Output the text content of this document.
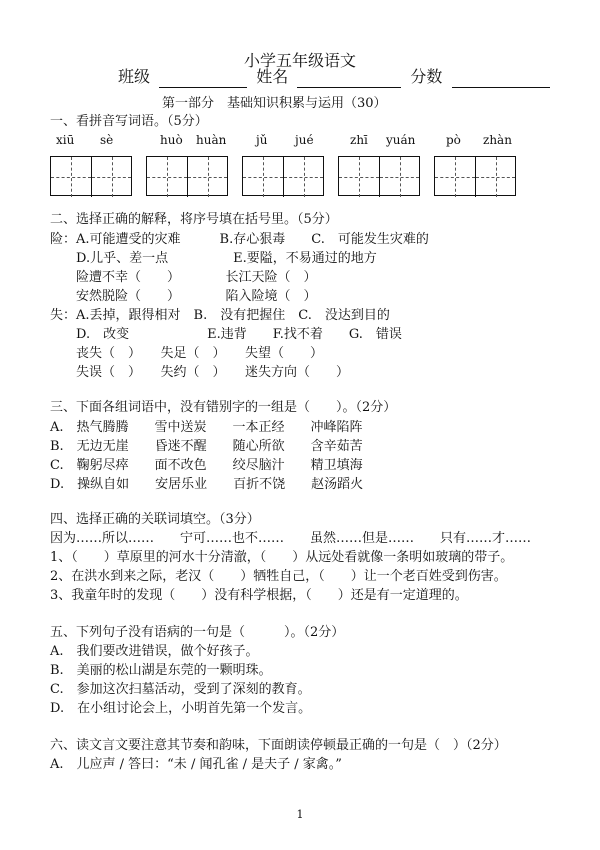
小学五年级语文
班级	姓名	分数
第一部分　基础知识积累与运用（30）
一、看拼音写词语。（5分）
xiū sè	huò huàn jǔ jué	zhī yuán	pò zhàn
二、选择正确的解释，将序号填在括号里。（5分）
险：A.可能遭受的灾难　　　B.存心狠毒　　C.　可能发生灾难的
D.儿乎、差一点　　　　　E.要隘，不易通过的地方
险遭不幸（　　）　　　　长江天险（　）
安然脱险（　　）　　　　陷入险境（　）
失：A.丢掉，跟得相对　B.　没有把握住　C.　没达到目的
D.　改变　　　　　　E.违背　　F.找不着　　G.　错误
丧失（　）　　失足（　）　　失望（　　）
失误（　）　　失约（　）　　迷失方向（　　）
三、下面各组词语中，没有错别字的一组是（　　）。（2分）
A.　热气腾腾　　雪中送炭　　一本正经　　冲峰陷阵
B.　无边无崖　　昏迷不醒　　随心所欲　　含辛茹苦
C.　鞠躬尽瘁　　面不改色　　绞尽脑汁　　精卫填海
D.　操纵自如　　安居乐业　　百折不饶　　赵汤蹈火
四、选择正确的关联词填空。（3分）
因为……所以……　　宁可……也不……　　虽然……但是……　　只有……才……
1、（　　）草原里的河水十分清澈，（　　）从远处看就像一条明如玻璃的带子。
2、在洪水到来之际，老汉（　　）牺牲自己，（　　）让一个老百姓受到伤害。
3、我童年时的发现（　　）没有科学根据，（　　）还是有一定道理的。
五、下列句子没有语病的一句是（　　　）。（2分）
A.　我们要改进错误，做个好孩子。
B.　美丽的松山湖是东莞的一颗明珠。
C.　参加这次扫墓活动，受到了深刻的教育。
D.　在小组讨论会上，小明首先第一个发言。
六、读文言文要注意其节奏和韵味，下面朗读停顿最正确的一句是（　）（2分）
A.　儿应声 / 答曰：“未 / 闻孔雀 / 是夫子 / 家禽。”
1
